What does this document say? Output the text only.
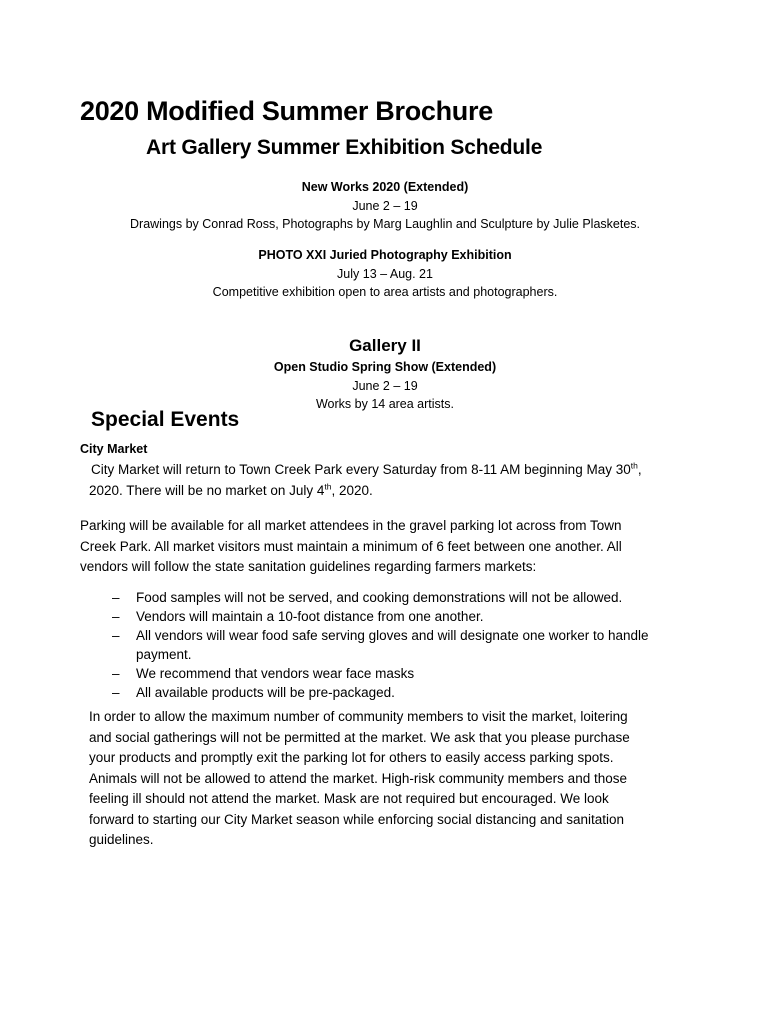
2020 Modified Summer Brochure
Art Gallery Summer Exhibition Schedule
New Works 2020 (Extended)
June 2 – 19
Drawings by Conrad Ross, Photographs by Marg Laughlin and Sculpture by Julie Plasketes.
PHOTO XXI Juried Photography Exhibition
July 13 – Aug. 21
Competitive exhibition open to area artists and photographers.
Gallery II
Open Studio Spring Show (Extended)
June 2 – 19
Works by 14 area artists.
Special Events
City Market
City Market will return to Town Creek Park every Saturday from 8-11 AM beginning May 30th,
2020. There will be no market on July 4th, 2020.
Parking will be available for all market attendees in the gravel parking lot across from Town
Creek Park. All market visitors must maintain a minimum of 6 feet between one another. All
vendors will follow the state sanitation guidelines regarding farmers markets:
– Food samples will not be served, and cooking demonstrations will not be allowed.
– Vendors will maintain a 10-foot distance from one another.
– All vendors will wear food safe serving gloves and will designate one worker to handle
payment.
– We recommend that vendors wear face masks
– All available products will be pre-packaged.
In order to allow the maximum number of community members to visit the market, loitering
and social gatherings will not be permitted at the market. We ask that you please purchase
your products and promptly exit the parking lot for others to easily access parking spots.
Animals will not be allowed to attend the market. High-risk community members and those
feeling ill should not attend the market. Mask are not required but encouraged. We look
forward to starting our City Market season while enforcing social distancing and sanitation
guidelines.
